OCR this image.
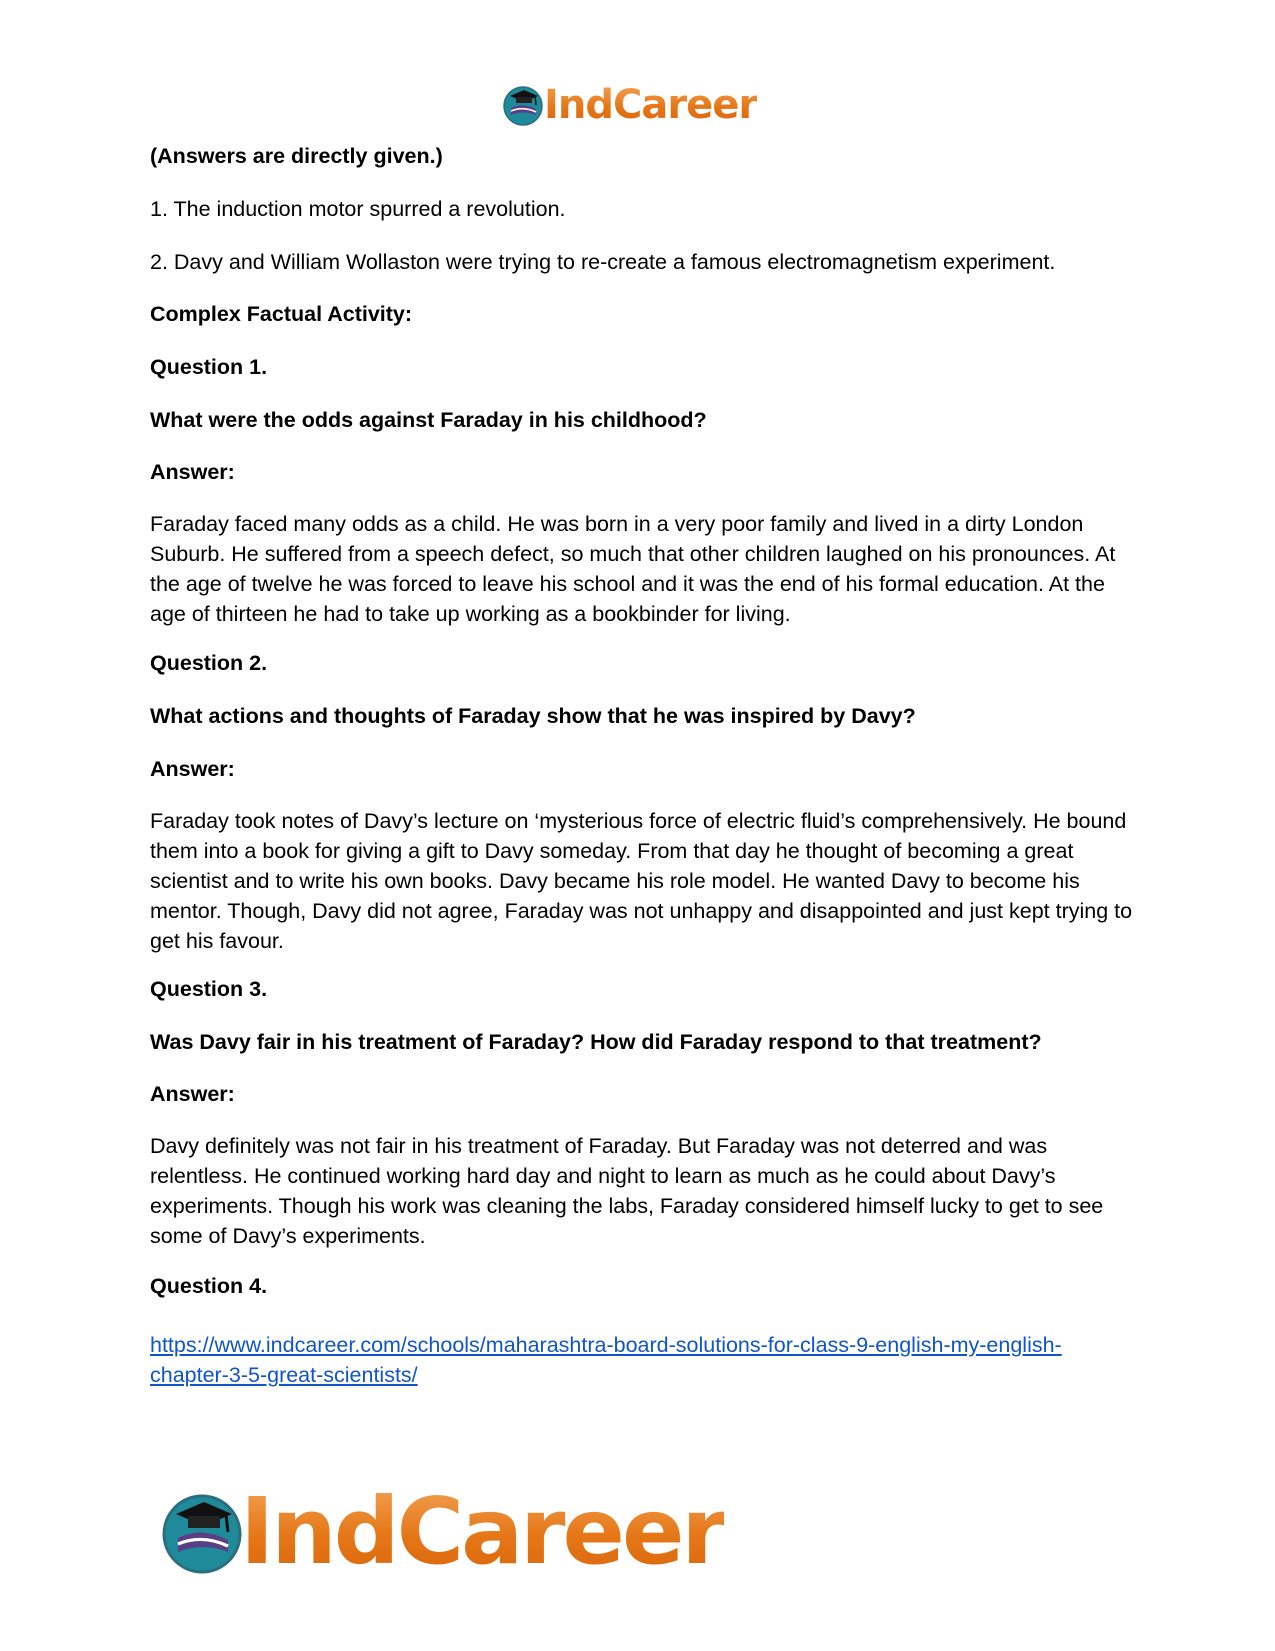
IndCareer
(Answers are directly given.)
1. The induction motor spurred a revolution.
2. Davy and William Wollaston were trying to re-create a famous electromagnetism experiment.
Complex Factual Activity:
Question 1.
What were the odds against Faraday in his childhood?
Answer:
Faraday faced many odds as a child. He was born in a very poor family and lived in a dirty London Suburb. He suffered from a speech defect, so much that other children laughed on his pronounces. At the age of twelve he was forced to leave his school and it was the end of his formal education. At the age of thirteen he had to take up working as a bookbinder for living.
Question 2.
What actions and thoughts of Faraday show that he was inspired by Davy?
Answer:
Faraday took notes of Davy’s lecture on ‘mysterious force of electric fluid’s comprehensively. He bound them into a book for giving a gift to Davy someday. From that day he thought of becoming a great scientist and to write his own books. Davy became his role model. He wanted Davy to become his mentor. Though, Davy did not agree, Faraday was not unhappy and disappointed and just kept trying to get his favour.
Question 3.
Was Davy fair in his treatment of Faraday? How did Faraday respond to that treatment?
Answer:
Davy definitely was not fair in his treatment of Faraday. But Faraday was not deterred and was relentless. He continued working hard day and night to learn as much as he could about Davy’s experiments. Though his work was cleaning the labs, Faraday considered himself lucky to get to see some of Davy’s experiments.
Question 4.
https://www.indcareer.com/schools/maharashtra-board-solutions-for-class-9-english-my-english-
chapter-3-5-great-scientists/
IndCareer
